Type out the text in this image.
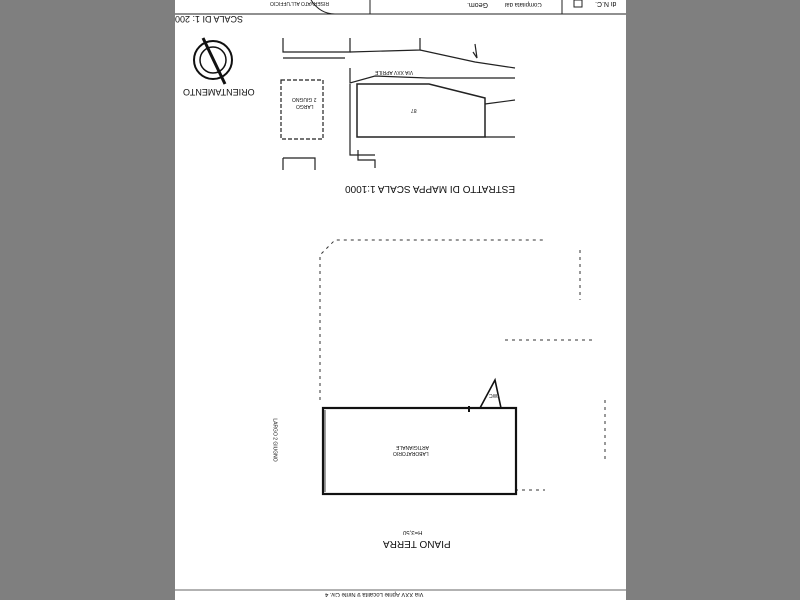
SCALA DI 1: 200
RISERVATO ALL'UFFICIO	Compilata dal
Geom.	di N.C.
ORIENTAMENTO
VIA XXV APRILE
LARGO
2 GIUGNO
87
ESTRATTO DI MAPPA SCALA 1:1000
LABORATORIO
ARTIGIANALE
LARGO 2 GIUGNO
WC
PIANO TERRA
H=3,50
Via XXV Aprile Località 9 Ninfe Civ. 4
